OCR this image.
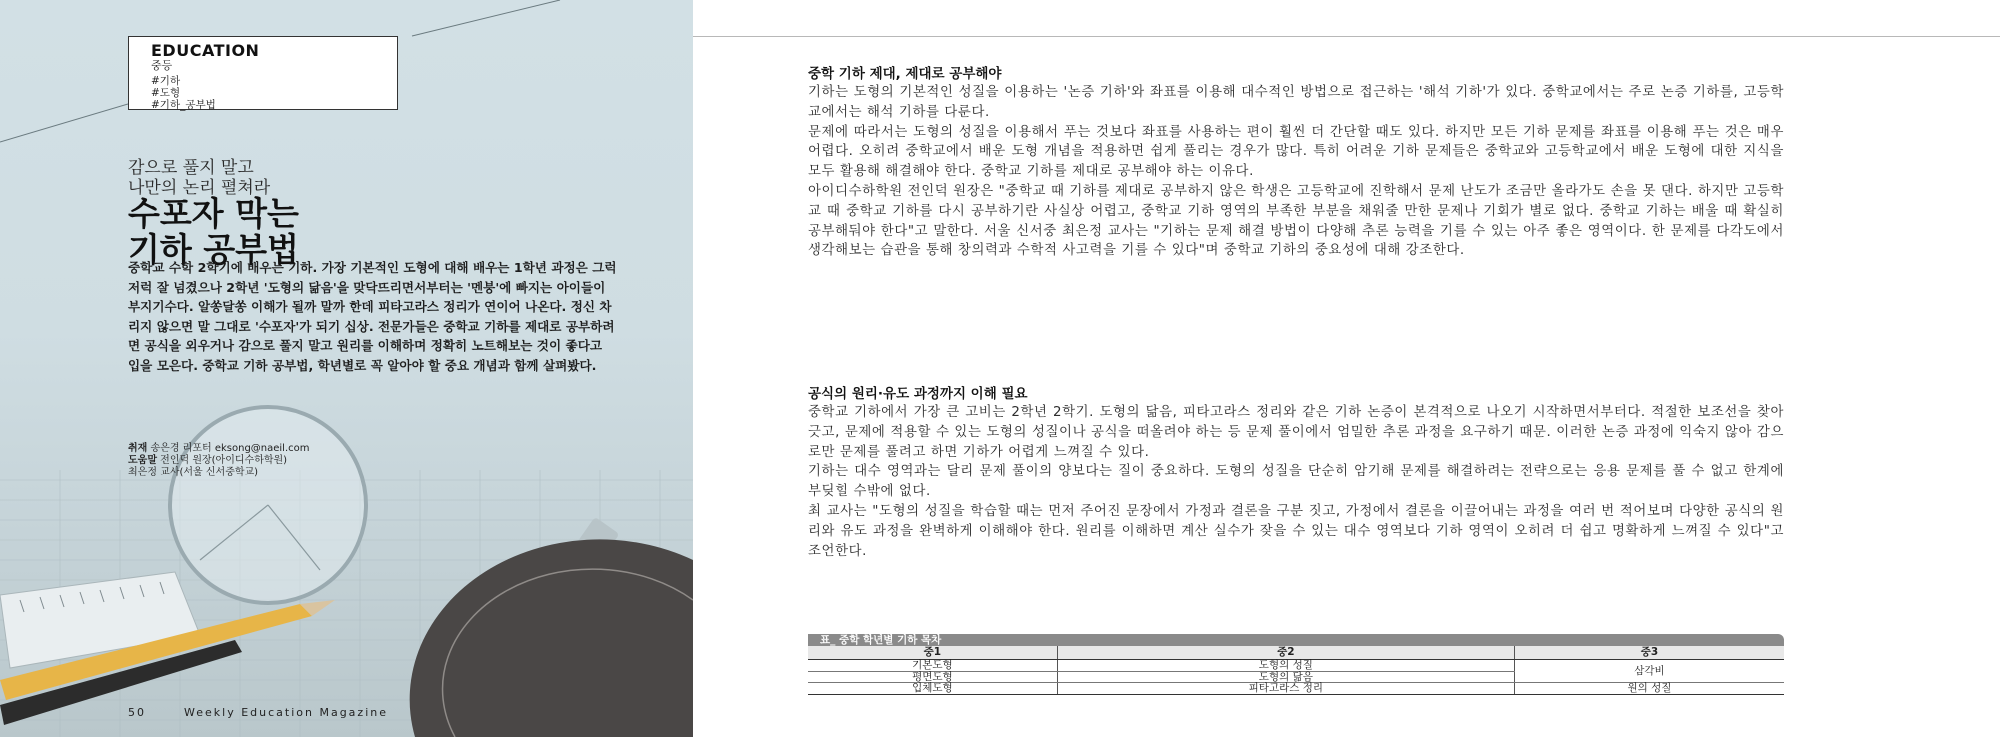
EDUCATION
중등
#기하
#도형
#기하_공부법
감으로 풀지 말고
나만의 논리 펼쳐라
수포자 막는
기하 공부법
중학교 수학 2학기에 배우는 기하. 가장 기본적인 도형에 대해 배우는 1학년 과정은 그럭저럭 잘 넘겼으나 2학년 '도형의 닮음'을 맞닥뜨리면서부터는 '멘붕'에 빠지는 아이들이 부지기수다. 알쏭달쏭 이해가 될까 말까 한데 피타고라스 정리가 연이어 나온다. 정신 차리지 않으면 말 그대로 '수포자'가 되기 십상. 전문가들은 중학교 기하를 제대로 공부하려면 공식을 외우거나 감으로 풀지 말고 원리를 이해하며 정확히 노트해보는 것이 좋다고 입을 모은다. 중학교 기하 공부법, 학년별로 꼭 알아야 할 중요 개념과 함께 살펴봤다.
취재 송은경 리포터 eksong@naeil.com
도움말 전인덕 원장(아이디수하학원)
최은정 교사(서울 신서중학교)
50	Weekly Education Magazine
중학 기하 제대, 제대로 공부해야

기하는 도형의 기본적인 성질을 이용하는 '논증 기하'와 좌표를 이용해 대수적인 방법으로 접근하는 '해석 기하'가 있다. 중학교에서는 주로 논증 기하를, 고등학교에서는 해석 기하를 다룬다.

문제에 따라서는 도형의 성질을 이용해서 푸는 것보다 좌표를 사용하는 편이 훨씬 더 간단할 때도 있다. 하지만 모든 기하 문제를 좌표를 이용해 푸는 것은 매우 어렵다. 오히려 중학교에서 배운 도형 개념을 적용하면 쉽게 풀리는 경우가 많다. 특히 어려운 기하 문제들은 중학교와 고등학교에서 배운 도형에 대한 지식을 모두 활용해 해결해야 한다. 중학교 기하를 제대로 공부해야 하는 이유다.

아이디수하학원 전인덕 원장은 "중학교 때 기하를 제대로 공부하지 않은 학생은 고등학교에 진학해서 문제 난도가 조금만 올라가도 손을 못 댄다. 하지만 고등학교 때 중학교 기하를 다시 공부하기란 사실상 어렵고, 중학교 기하 영역의 부족한 부분을 채워줄 만한 문제나 기회가 별로 없다. 중학교 기하는 배울 때 확실히 공부해둬야 한다"고 말한다. 서울 신서중 최은정 교사는 "기하는 문제 해결 방법이 다양해 추론 능력을 기를 수 있는 아주 좋은 영역이다. 한 문제를 다각도에서 생각해보는 습관을 통해 창의력과 수학적 사고력을 기를 수 있다"며 중학교 기하의 중요성에 대해 강조한다.

공식의 원리·유도 과정까지 이해 필요

중학교 기하에서 가장 큰 고비는 2학년 2학기. 도형의 닮음, 피타고라스 정리와 같은 기하 논증이 본격적으로 나오기 시작하면서부터다. 적절한 보조선을 찾아 긋고, 문제에 적용할 수 있는 도형의 성질이나 공식을 떠올려야 하는 등 문제 풀이에서 엄밀한 추론 과정을 요구하기 때문. 이러한 논증 과정에 익숙지 않아 감으로만 문제를 풀려고 하면 기하가 어렵게 느껴질 수 있다.

기하는 대수 영역과는 달리 문제 풀이의 양보다는 질이 중요하다. 도형의 성질을 단순히 암기해 문제를 해결하려는 전략으로는 응용 문제를 풀 수 없고 한계에 부딪힐 수밖에 없다.

최 교사는 "도형의 성질을 학습할 때는 먼저 주어진 문장에서 가정과 결론을 구분 짓고, 가정에서 결론을 이끌어내는 과정을 여러 번 적어보며 다양한 공식의 원리와 유도 과정을 완벽하게 이해해야 한다. 원리를 이해하면 계산 실수가 잦을 수 있는 대수 영역보다 기하 영역이 오히려 더 쉽고 명확하게 느껴질 수 있다"고 조언한다.

표_ 중학 학년별 기하 목차
중1	중2	중3
기본도형	도형의 성질	삼각비
평면도형	도형의 닮음	
입체도형	피타고라스 정리	원의 성질
